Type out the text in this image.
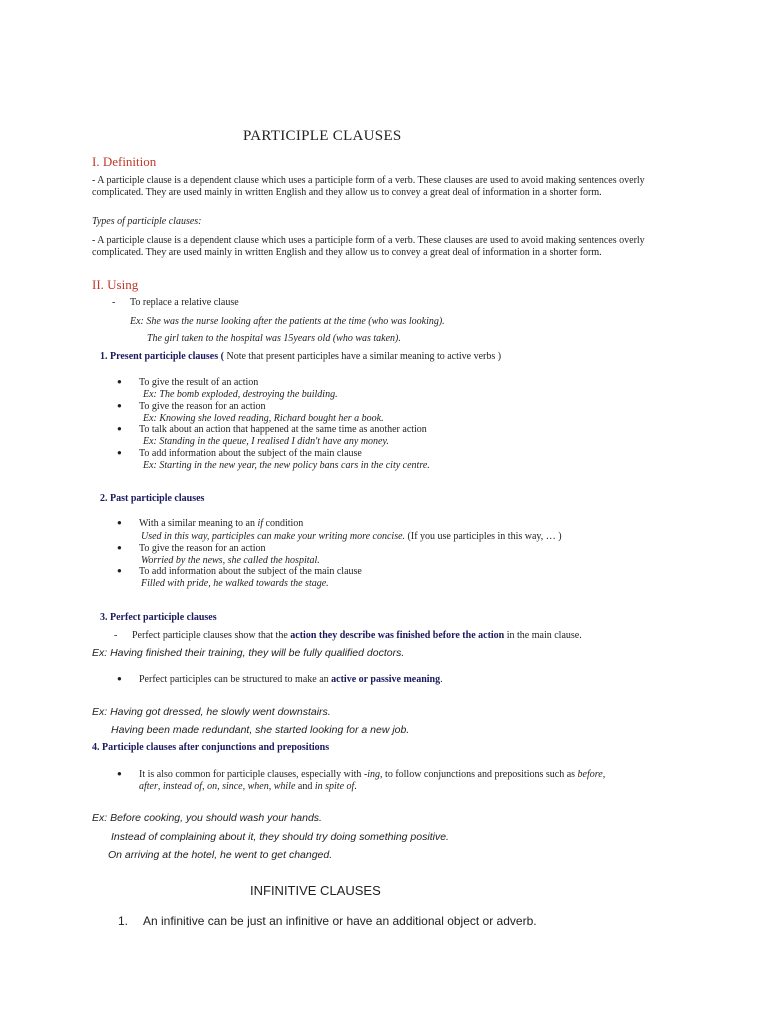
PARTICIPLE CLAUSES
I. Definition
- A participle clause is a dependent clause which uses a participle form of a verb. These clauses are used to avoid making sentences overly complicated. They are used mainly in written English and they allow us to convey a great deal of information in a shorter form.
Types of participle clauses:
- A participle clause is a dependent clause which uses a participle form of a verb. These clauses are used to avoid making sentences overly complicated. They are used mainly in written English and they allow us to convey a great deal of information in a shorter form.
II. Using
- To replace a relative clause
Ex: She was the nurse looking after the patients at the time (who was looking).
The girl taken to the hospital was 15years old (who was taken).
1. Present participle clauses ( Note that present participles have a similar meaning to active verbs )
● To give the result of an action
Ex: The bomb exploded, destroying the building.
● To give the reason for an action
Ex: Knowing she loved reading, Richard bought her a book.
● To talk about an action that happened at the same time as another action
Ex: Standing in the queue, I realised I didn't have any money.
● To add information about the subject of the main clause
Ex: Starting in the new year, the new policy bans cars in the city centre.
2. Past participle clauses
● With a similar meaning to an if condition
Used in this way, participles can make your writing more concise. (If you use participles in this way, … )
● To give the reason for an action
Worried by the news, she called the hospital.
● To add information about the subject of the main clause
Filled with pride, he walked towards the stage.
3. Perfect participle clauses
- Perfect participle clauses show that the action they describe was finished before the action in the main clause.
Ex: Having finished their training, they will be fully qualified doctors.
● Perfect participles can be structured to make an active or passive meaning.
Ex: Having got dressed, he slowly went downstairs.
Having been made redundant, she started looking for a new job.
4. Participle clauses after conjunctions and prepositions
● It is also common for participle clauses, especially with -ing, to follow conjunctions and prepositions such as before,
after, instead of, on, since, when, while and in spite of.
Ex: Before cooking, you should wash your hands.
Instead of complaining about it, they should try doing something positive.
On arriving at the hotel, he went to get changed.
INFINITIVE CLAUSES
1. An infinitive can be just an infinitive or have an additional object or adverb.
